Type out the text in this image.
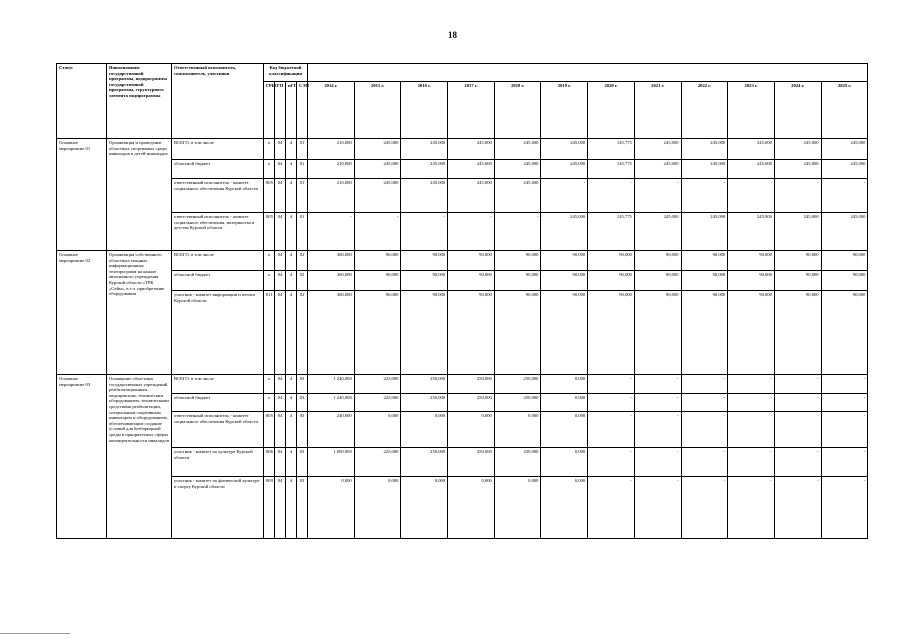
18
Статус	Наименование государственной программы, подпрограммы государственной программы, структурного элемента подпрограммы	Ответственный исполнитель, соисполнитель, участники	Код бюджетной классификации															
			ГРБС	ГП	пГП	СЭП	2014 г.	2015 г.	2016 г.	2017 г.	2018 г.	2019 г.	2020 г.	2021 г.	2022 г.	2023 г.	2024 г.	2025 г.
Основное мероприятие 01	Организация и проведение областных спортивных среди инвалидов и детей-инвалидов	ВСЕГО, в том числе	х	04	4	01	210,000	245,000	245,000	245,000	245,000	245,000	145,775	245,000	245,000	245,000	245,000	245,000
		областной бюджет	х	04	4	01	210,000	245,000	245,000	245,000	245,000	245,000	145,775	245,000	245,000	245,000	245,000	245,000
		ответственный исполнитель - комитет социального обеспечения Курской области	805	04	4	01	210,000	245,000	245,000	245,000	245,000	-	-	-	-	-	-	-
		ответственный исполнитель - комитет социального обеспечения, материнства и детства Курской области	805	04	4	01	-	-	-	-	-	245,000	145,775	245,000	245,000	245,000	245,000	245,000
Основное мероприятие 02	Организация собственного областных мощных информационных телепрограмм на канале автономного учреждения Курской области «ТРК «Сейм», в т.ч. приобретение оборудования	ВСЕГО, в том числе	х	04	4	02	360,000	90,000	90,000	90,000	90,000	90,000	90,000	90,000	90,000	90,000	90,000	90,000
		областной бюджет	х	04	4	02	360,000	90,000	90,000	90,000	90,000	90,000	90,000	90,000	90,000	90,000	90,000	90,000
		участник - комитет информации и печати Курской области	811	04	4	02	360,000	90,000	90,000	90,000	90,000	90,000	90,000	90,000	90,000	90,000	90,000	90,000
Основное мероприятие 03	Оснащение областных государственных учреждений реабилитационным, медицинским, техническим оборудованием, техническими средствами реабилитации, специальным спортивным инвентарем и оборудованием, обеспечивающим создание условий для безбарьерной среды в приоритетных сферах жизнедеятельности инвалидов	ВСЕГО, в том числе	х	04	4	03	1 240,000	225,000	250,000	250,000	250,000	0,000	-	-	-	-	-	-
		областной бюджет	х	04	4	03	1 240,000	225,000	250,000	250,000	250,000	0,000	-	-	-	-	-	-
		ответственный исполнитель - комитет социального обеспечения Курской области	805	04	4	03	240,000	0,000	0,000	0,000	0,000	0,000	-	-	-	-	-	-
		участник - комитет по культуре Курской области	806	04	4	03	1 000,000	225,000	250,000	250,000	250,000	0,000	-	-	-	-	-	-
		участник - комитет по физической культуре и спорту Курской области	809	04	4	03	0,000	0,000	0,000	0,000	0,000	0,000	-	-	-	-	-	-
